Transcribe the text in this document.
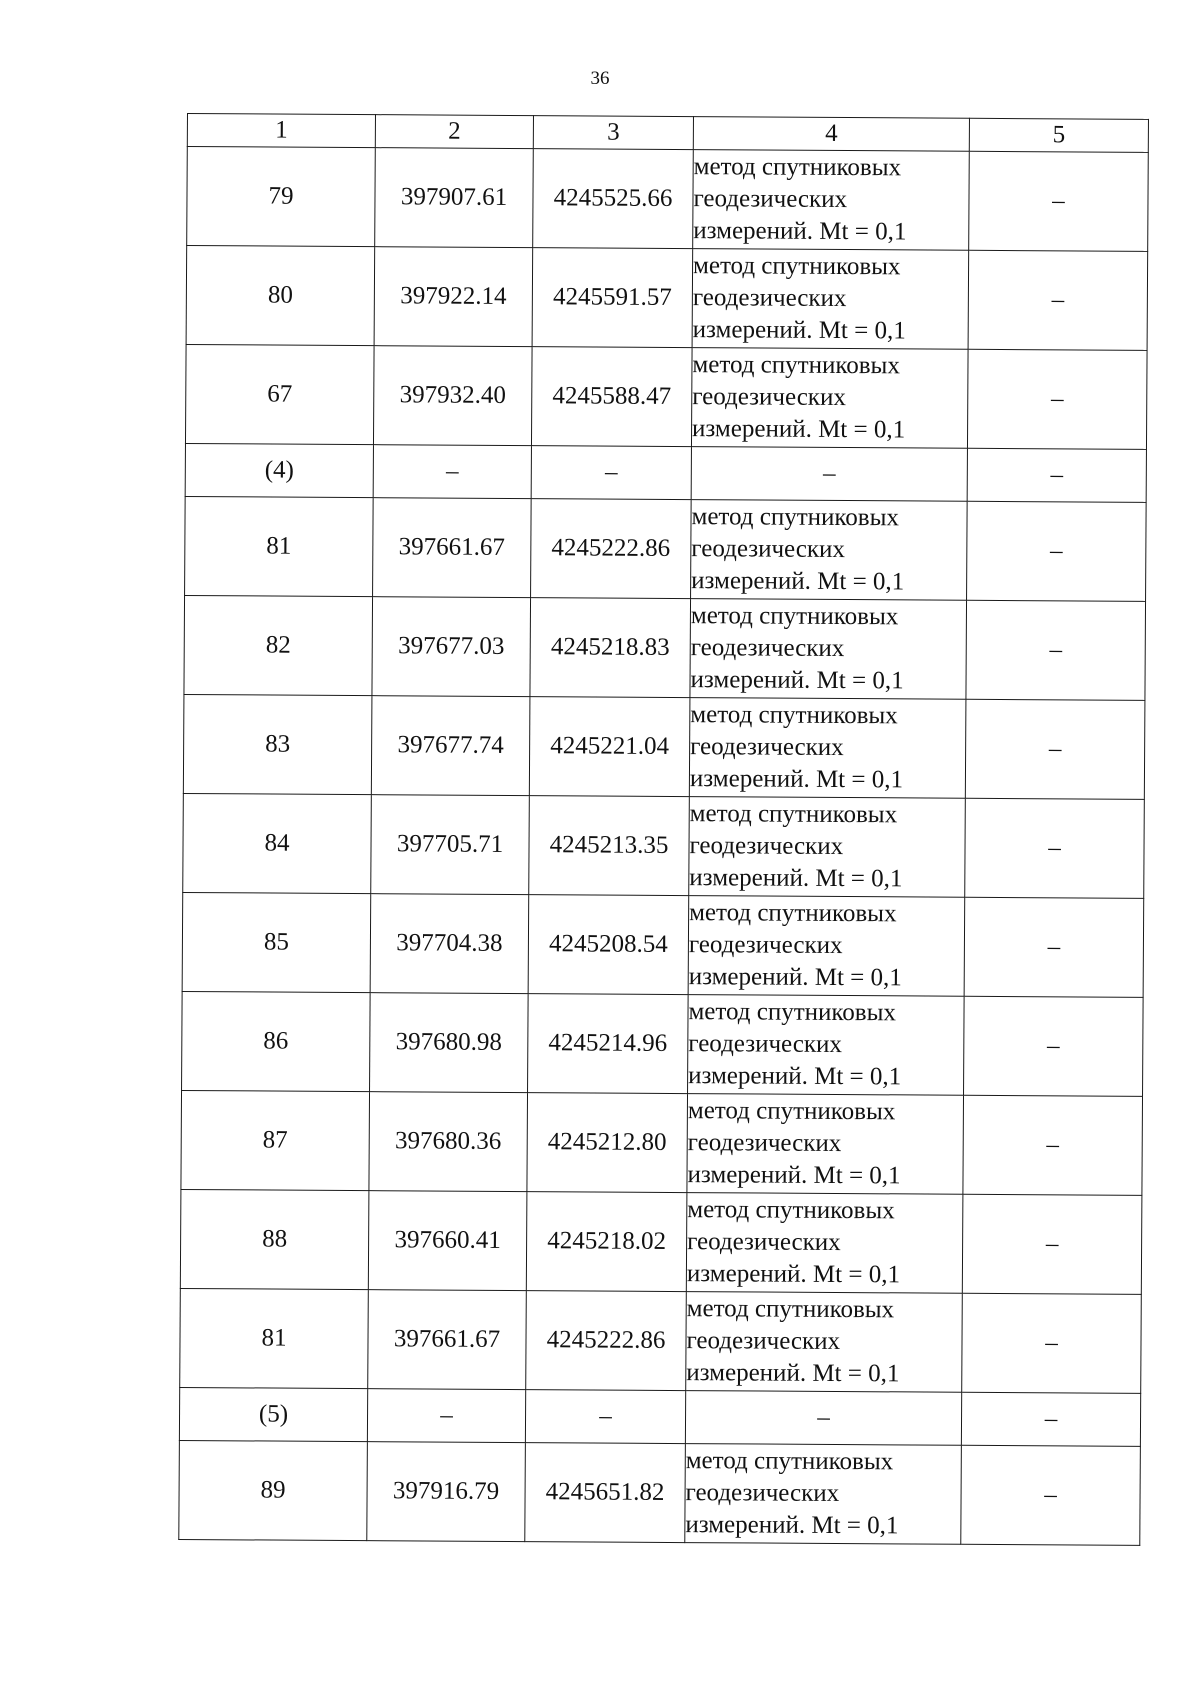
36
1	2	3	4	5
79	397907.61	4245525.66	метод спутниковых
геодезических
измерений. Mt = 0,1	–
80	397922.14	4245591.57	метод спутниковых
геодезических
измерений. Mt = 0,1	–
67	397932.40	4245588.47	метод спутниковых
геодезических
измерений. Mt = 0,1	–
(4)	–	–	–	–
81	397661.67	4245222.86	метод спутниковых
геодезических
измерений. Mt = 0,1	–
82	397677.03	4245218.83	метод спутниковых
геодезических
измерений. Mt = 0,1	–
83	397677.74	4245221.04	метод спутниковых
геодезических
измерений. Mt = 0,1	–
84	397705.71	4245213.35	метод спутниковых
геодезических
измерений. Mt = 0,1	–
85	397704.38	4245208.54	метод спутниковых
геодезических
измерений. Mt = 0,1	–
86	397680.98	4245214.96	метод спутниковых
геодезических
измерений. Mt = 0,1	–
87	397680.36	4245212.80	метод спутниковых
геодезических
измерений. Mt = 0,1	–
88	397660.41	4245218.02	метод спутниковых
геодезических
измерений. Mt = 0,1	–
81	397661.67	4245222.86	метод спутниковых
геодезических
измерений. Mt = 0,1	–
(5)	–	–	–	–
89	397916.79	4245651.82	метод спутниковых
геодезических
измерений. Mt = 0,1	–
